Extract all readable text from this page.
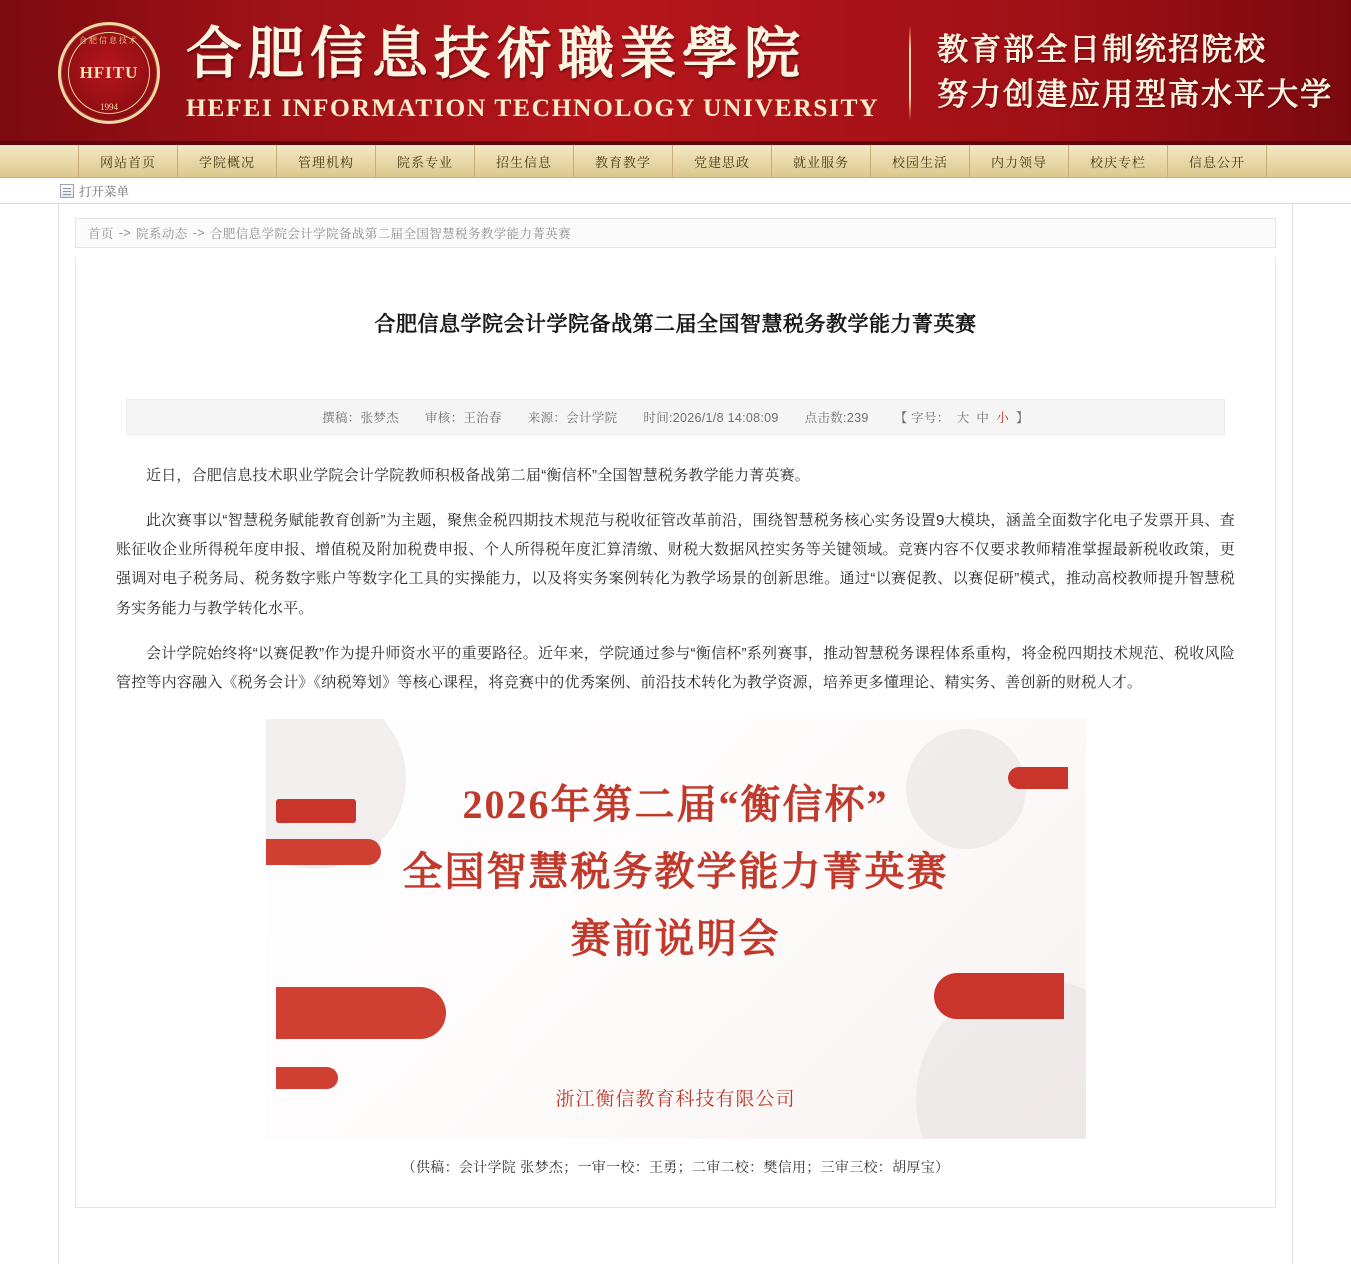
合肥信息技术
HFITU
1994
合肥信息技術職業學院
HEFEI INFORMATION TECHNOLOGY UNIVERSITY
教育部全日制统招院校
努力创建应用型高水平大学
网站首页	学院概况	管理机构	院系专业	招生信息	教育教学	党建思政	就业服务	校园生活	内力领导	校庆专栏	信息公开
打开菜单
首页 -> 院系动态 -> 合肥信息学院会计学院备战第二届全国智慧税务教学能力菁英赛
合肥信息学院会计学院备战第二届全国智慧税务教学能力菁英赛
撰稿：张梦杰 审核：王治春 来源：会计学院 时间:2026/1/8 14:08:09 点击数:239 【 字号： 大 中 小 】

近日，合肥信息技术职业学院会计学院教师积极备战第二届“衡信杯”全国智慧税务教学能力菁英赛。

此次赛事以“智慧税务赋能教育创新”为主题，聚焦金税四期技术规范与税收征管改革前沿，围绕智慧税务核心实务设置9大模块，涵盖全面数字化电子发票开具、查账征收企业所得税年度申报、增值税及附加税费申报、个人所得税年度汇算清缴、财税大数据风控实务等关键领域。竞赛内容不仅要求教师精准掌握最新税收政策，更强调对电子税务局、税务数字账户等数字化工具的实操能力，以及将实务案例转化为教学场景的创新思维。通过“以赛促教、以赛促研”模式，推动高校教师提升智慧税务实务能力与教学转化水平。

会计学院始终将“以赛促教”作为提升师资水平的重要路径。近年来，学院通过参与“衡信杯”系列赛事，推动智慧税务课程体系重构，将金税四期技术规范、税收风险管控等内容融入《税务会计》《纳税筹划》等核心课程，将竞赛中的优秀案例、前沿技术转化为教学资源，培养更多懂理论、精实务、善创新的财税人才。

2026年第二届“衡信杯”
全国智慧税务教学能力菁英赛
赛前说明会
浙江衡信教育科技有限公司
（供稿：会计学院 张梦杰；一审一校：王勇；二审二校：樊信用；三审三校：胡厚宝）
